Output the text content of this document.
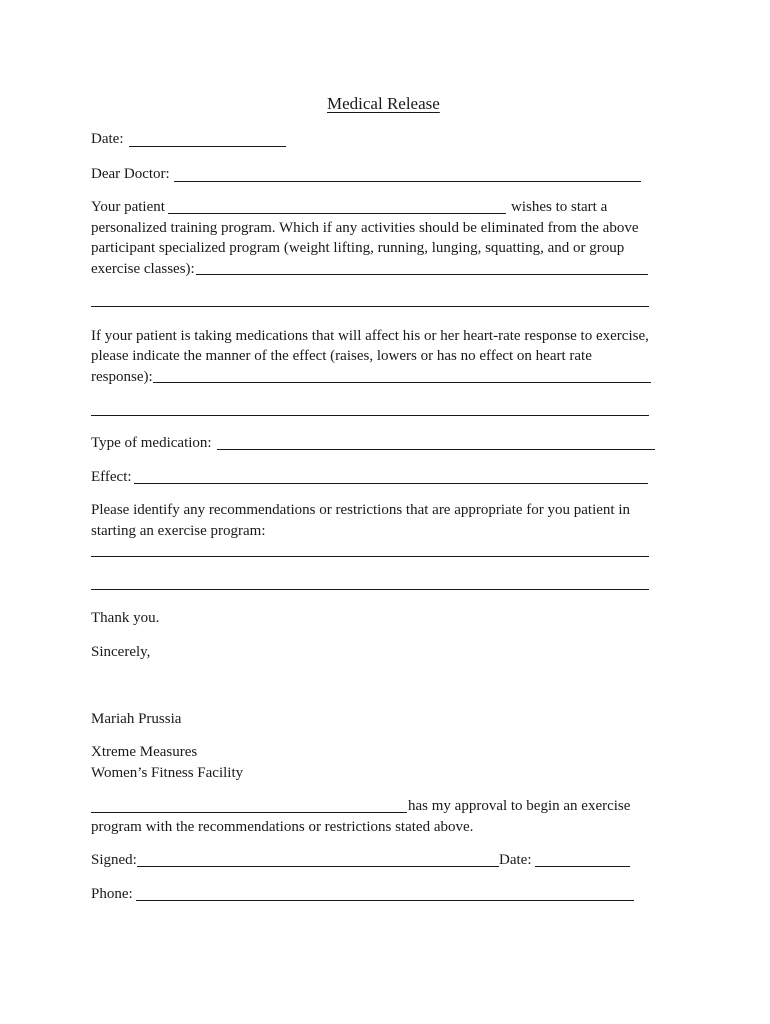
Medical Release
Date:
Dear Doctor:
Your patient	wishes to start a
personalized training program. Which if any activities should be eliminated from the above
participant specialized program (weight lifting, running, lunging, squatting, and or group
exercise classes):
If your patient is taking medications that will affect his or her heart-rate response to exercise,
please indicate the manner of the effect (raises, lowers or has no effect on heart rate
response):
Type of medication:
Effect:
Please identify any recommendations or restrictions that are appropriate for you patient in
starting an exercise program:
Thank you.
Sincerely,
Mariah Prussia
Xtreme Measures
Women’s Fitness Facility
has my approval to begin an exercise
program with the recommendations or restrictions stated above.
Signed:	Date:
Phone:
